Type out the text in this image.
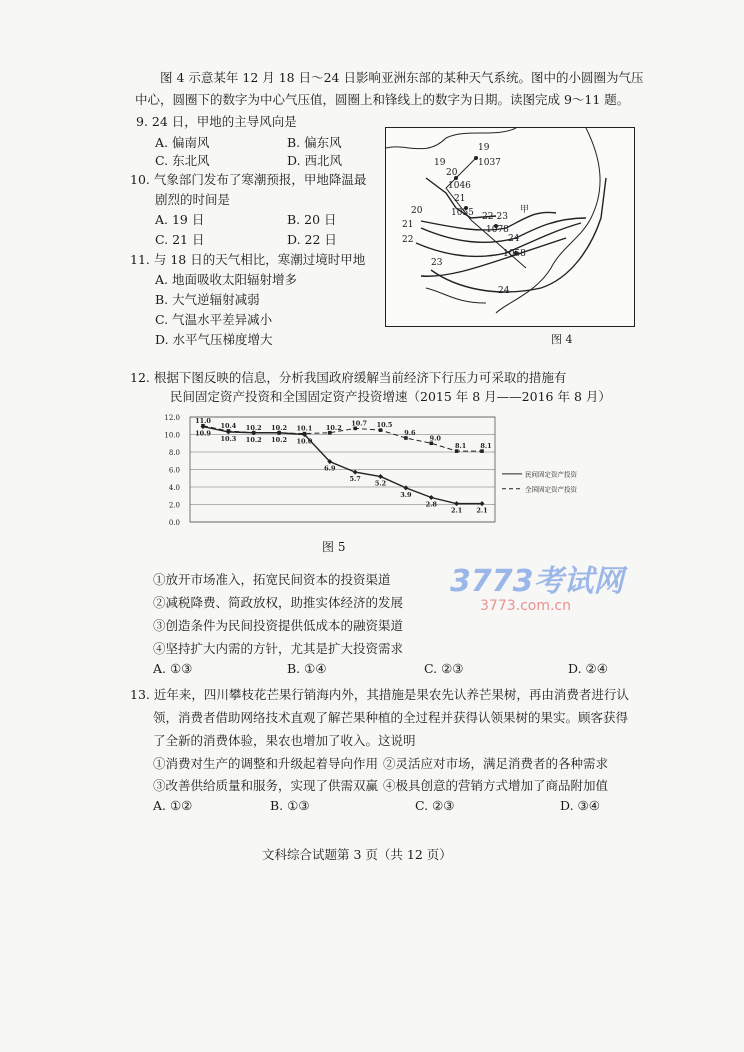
图 4 示意某年 12 月 18 日～24 日影响亚洲东部的某种天气系统。图中的小圆圈为气压
中心，圆圈下的数字为中心气压值，圆圈上和锋线上的数字为日期。读图完成 9～11 题。
9. 24 日，甲地的主导风向是
A. 偏南风	B. 偏东风
C. 东北风	D. 西北风
10. 气象部门发布了寒潮预报，甲地降温最
剧烈的时间是
A. 19 日	B. 20 日
C. 21 日	D. 22 日
11. 与 18 日的天气相比，寒潮过境时甲地
A. 地面吸收太阳辐射增多
B. 大气逆辐射减弱
C. 气温水平差异减小
D. 水平气压梯度增大
19
19	1037
20
1046
21
1055
20
21
22
22-23
1078
24
1058
23
24
甲
图 4
12. 根据下图反映的信息，分析我国政府缓解当前经济下行压力可采取的措施有
民间固定资产投资和全国固定资产投资增速（2015 年 8 月——2016 年 8 月）
0.0
2.0
4.0
6.0
8.0
10.0
12.0
10.9
10.3 10.2 10.2 10.0
6.9
5.7
5.2
3.9
2.8
2.1 2.1
民间固定资产投资
11.0
10.4 10.2 10.2 10.1 10.2
10.7 10.5
9.6
9.0
8.1 8.1
全国固定资产投资
图 5
3773考试网
3773.com.cn
①放开市场准入，拓宽民间资本的投资渠道
②减税降费、简政放权，助推实体经济的发展
③创造条件为民间投资提供低成本的融资渠道
④坚持扩大内需的方针，尤其是扩大投资需求
A. ①③	B. ①④	C. ②③	D. ②④
13. 近年来，四川攀枝花芒果行销海内外，其措施是果农先认养芒果树，再由消费者进行认
领，消费者借助网络技术直观了解芒果种植的全过程并获得认领果树的果实。顾客获得
了全新的消费体验，果农也增加了收入。这说明
①消费对生产的调整和升级起着导向作用 ②灵活应对市场，满足消费者的各种需求
③改善供给质量和服务，实现了供需双赢 ④极具创意的营销方式增加了商品附加值
A. ①②	B. ①③	C. ②③	D. ③④
文科综合试题第 3 页（共 12 页）
